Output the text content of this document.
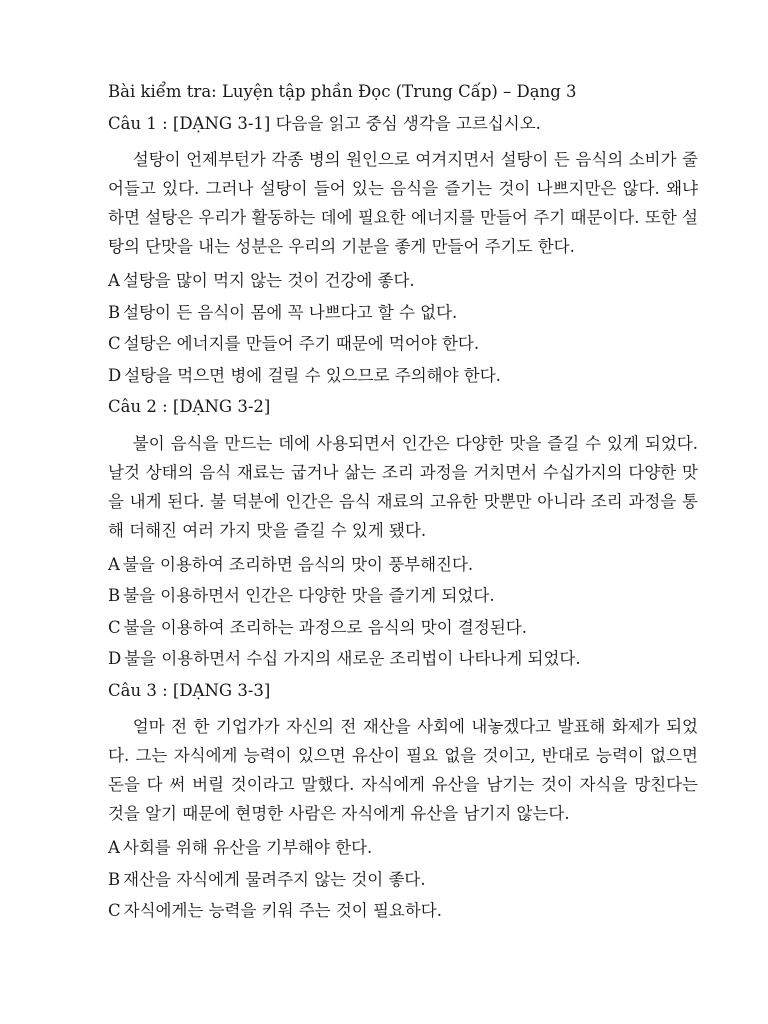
Bài kiểm tra: Luyện tập phần Đọc (Trung Cấp) – Dạng 3

Câu 1 : [DẠNG 3-1] 다음을 읽고 중심 생각을 고르십시오.

설탕이 언제부턴가 각종 병의 원인으로 여겨지면서 설탕이 든 음식의 소비가 줄어들고 있다. 그러나 설탕이 들어 있는 음식을 즐기는 것이 나쁘지만은 않다. 왜냐하면 설탕은 우리가 활동하는 데에 필요한 에너지를 만들어 주기 때문이다. 또한 설탕의 단맛을 내는 성분은 우리의 기분을 좋게 만들어 주기도 한다.

A 설탕을 많이 먹지 않는 것이 건강에 좋다.

B 설탕이 든 음식이 몸에 꼭 나쁘다고 할 수 없다.

C 설탕은 에너지를 만들어 주기 때문에 먹어야 한다.

D 설탕을 먹으면 병에 걸릴 수 있으므로 주의해야 한다.

Câu 2 : [DẠNG 3-2]

불이 음식을 만드는 데에 사용되면서 인간은 다양한 맛을 즐길 수 있게 되었다. 날것 상태의 음식 재료는 굽거나 삶는 조리 과정을 거치면서 수십가지의 다양한 맛을 내게 된다. 불 덕분에 인간은 음식 재료의 고유한 맛뿐만 아니라 조리 과정을 통해 더해진 여러 가지 맛을 즐길 수 있게 됐다.

A 불을 이용하여 조리하면 음식의 맛이 풍부해진다.

B 불을 이용하면서 인간은 다양한 맛을 즐기게 되었다.

C 불을 이용하여 조리하는 과정으로 음식의 맛이 결정된다.

D 불을 이용하면서 수십 가지의 새로운 조리법이 나타나게 되었다.

Câu 3 : [DẠNG 3-3]

얼마 전 한 기업가가 자신의 전 재산을 사회에 내놓겠다고 발표해 화제가 되었다. 그는 자식에게 능력이 있으면 유산이 필요 없을 것이고, 반대로 능력이 없으면 돈을 다 써 버릴 것이라고 말했다. 자식에게 유산을 남기는 것이 자식을 망친다는 것을 알기 때문에 현명한 사람은 자식에게 유산을 남기지 않는다.

A 사회를 위해 유산을 기부해야 한다.

B 재산을 자식에게 물려주지 않는 것이 좋다.

C 자식에게는 능력을 키워 주는 것이 필요하다.
